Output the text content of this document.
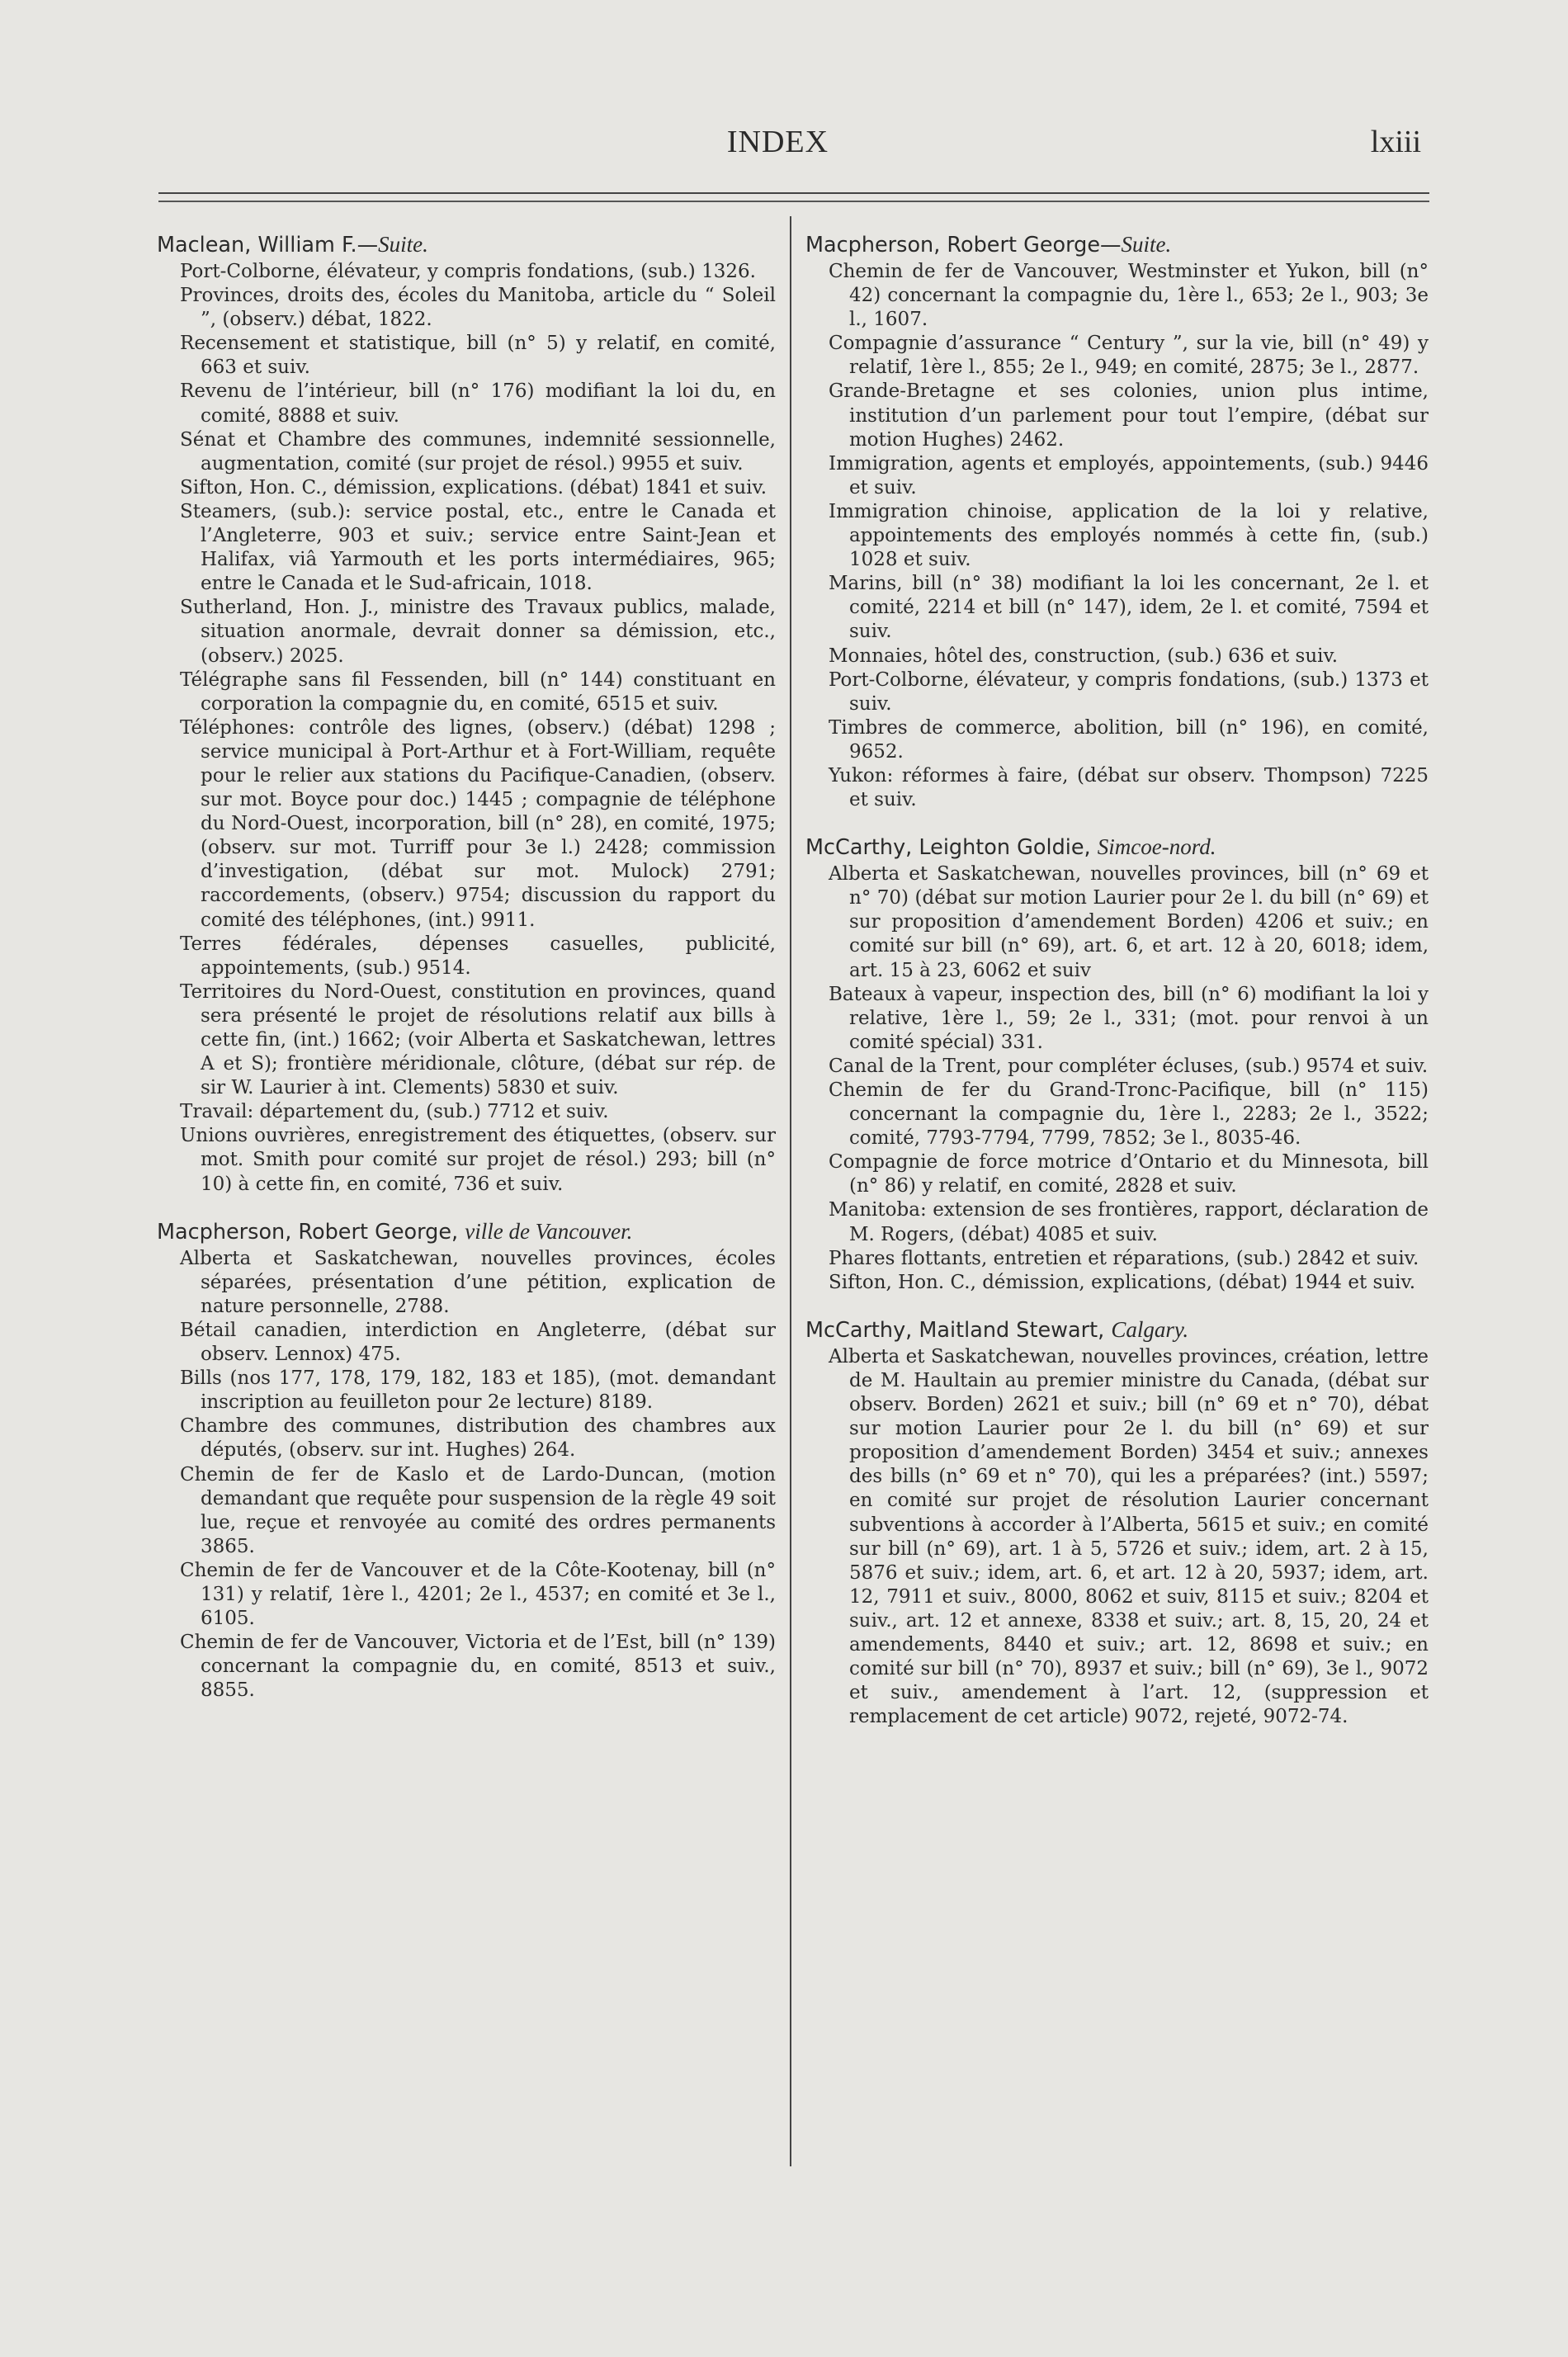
INDEX	lxiii
Maclean, William F.—Suite.
Port-Colborne, élévateur, y compris fondations, (sub.) 1326.
Provinces, droits des, écoles du Manitoba, article du “ Soleil ”, (observ.) débat, 1822.
Recensement et statistique, bill (n° 5) y relatif, en comité, 663 et suiv.
Revenu de l’intérieur, bill (n° 176) modifiant la loi du, en comité, 8888 et suiv.
Sénat et Chambre des communes, indemnité sessionnelle, augmentation, comité (sur projet de résol.) 9955 et suiv.
Sifton, Hon. C., démission, explications. (débat) 1841 et suiv.
Steamers, (sub.): service postal, etc., entre le Canada et l’Angleterre, 903 et suiv.; service entre Saint-Jean et Halifax, viâ Yarmouth et les ports intermédiaires, 965; entre le Canada et le Sud-africain, 1018.
Sutherland, Hon. J., ministre des Travaux publics, malade, situation anormale, devrait donner sa démission, etc., (observ.) 2025.
Télégraphe sans fil Fessenden, bill (n° 144) constituant en corporation la compagnie du, en comité, 6515 et suiv.
Téléphones: contrôle des lignes, (observ.) (débat) 1298 ; service municipal à Port-Arthur et à Fort-William, requête pour le relier aux stations du Pacifique-Canadien, (observ. sur mot. Boyce pour doc.) 1445 ; compagnie de téléphone du Nord-Ouest, incorporation, bill (n° 28), en comité, 1975; (observ. sur mot. Turriff pour 3e l.) 2428; commission d’investigation, (débat sur mot. Mulock) 2791; raccordements, (observ.) 9754; discussion du rapport du comité des téléphones, (int.) 9911.
Terres fédérales, dépenses casuelles, publicité, appointements, (sub.) 9514.
Territoires du Nord-Ouest, constitution en provinces, quand sera présenté le projet de résolutions relatif aux bills à cette fin, (int.) 1662; (voir Alberta et Saskatchewan, lettres A et S); frontière méridionale, clôture, (débat sur rép. de sir W. Laurier à int. Clements) 5830 et suiv.
Travail: département du, (sub.) 7712 et suiv.
Unions ouvrières, enregistrement des étiquettes, (observ. sur mot. Smith pour comité sur projet de résol.) 293; bill (n° 10) à cette fin, en comité, 736 et suiv.
Macpherson, Robert George, ville de Vancouver.
Alberta et Saskatchewan, nouvelles provinces, écoles séparées, présentation d’une pétition, explication de nature personnelle, 2788.
Bétail canadien, interdiction en Angleterre, (débat sur observ. Lennox) 475.
Bills (nos 177, 178, 179, 182, 183 et 185), (mot. demandant inscription au feuilleton pour 2e lecture) 8189.
Chambre des communes, distribution des chambres aux députés, (observ. sur int. Hughes) 264.
Chemin de fer de Kaslo et de Lardo-Duncan, (motion demandant que requête pour suspension de la règle 49 soit lue, reçue et renvoyée au comité des ordres permanents 3865.
Chemin de fer de Vancouver et de la Côte-Kootenay, bill (n° 131) y relatif, 1ère l., 4201; 2e l., 4537; en comité et 3e l., 6105.
Chemin de fer de Vancouver, Victoria et de l’Est, bill (n° 139) concernant la compagnie du, en comité, 8513 et suiv., 8855.
Macpherson, Robert George—Suite.
Chemin de fer de Vancouver, Westminster et Yukon, bill (n° 42) concernant la compagnie du, 1ère l., 653; 2e l., 903; 3e l., 1607.
Compagnie d’assurance “ Century ”, sur la vie, bill (n° 49) y relatif, 1ère l., 855; 2e l., 949; en comité, 2875; 3e l., 2877.
Grande-Bretagne et ses colonies, union plus intime, institution d’un parlement pour tout l’empire, (débat sur motion Hughes) 2462.
Immigration, agents et employés, appointements, (sub.) 9446 et suiv.
Immigration chinoise, application de la loi y relative, appointements des employés nommés à cette fin, (sub.) 1028 et suiv.
Marins, bill (n° 38) modifiant la loi les concernant, 2e l. et comité, 2214 et bill (n° 147), idem, 2e l. et comité, 7594 et suiv.
Monnaies, hôtel des, construction, (sub.) 636 et suiv.
Port-Colborne, élévateur, y compris fondations, (sub.) 1373 et suiv.
Timbres de commerce, abolition, bill (n° 196), en comité, 9652.
Yukon: réformes à faire, (débat sur observ. Thompson) 7225 et suiv.
McCarthy, Leighton Goldie, Simcoe-nord.
Alberta et Saskatchewan, nouvelles provinces, bill (n° 69 et n° 70) (débat sur motion Laurier pour 2e l. du bill (n° 69) et sur proposition d’amendement Borden) 4206 et suiv.; en comité sur bill (n° 69), art. 6, et art. 12 à 20, 6018; idem, art. 15 à 23, 6062 et suiv
Bateaux à vapeur, inspection des, bill (n° 6) modifiant la loi y relative, 1ère l., 59; 2e l., 331; (mot. pour renvoi à un comité spécial) 331.
Canal de la Trent, pour compléter écluses, (sub.) 9574 et suiv.
Chemin de fer du Grand-Tronc-Pacifique, bill (n° 115) concernant la compagnie du, 1ère l., 2283; 2e l., 3522; comité, 7793-7794, 7799, 7852; 3e l., 8035-46.
Compagnie de force motrice d’Ontario et du Minnesota, bill (n° 86) y relatif, en comité, 2828 et suiv.
Manitoba: extension de ses frontières, rapport, déclaration de M. Rogers, (débat) 4085 et suiv.
Phares flottants, entretien et réparations, (sub.) 2842 et suiv.
Sifton, Hon. C., démission, explications, (débat) 1944 et suiv.
McCarthy, Maitland Stewart, Calgary.
Alberta et Saskatchewan, nouvelles provinces, création, lettre de M. Haultain au premier ministre du Canada, (débat sur observ. Borden) 2621 et suiv.; bill (n° 69 et n° 70), débat sur motion Laurier pour 2e l. du bill (n° 69) et sur proposition d’amendement Borden) 3454 et suiv.; annexes des bills (n° 69 et n° 70), qui les a préparées? (int.) 5597; en comité sur projet de résolution Laurier concernant subventions à accorder à l’Alberta, 5615 et suiv.; en comité sur bill (n° 69), art. 1 à 5, 5726 et suiv.; idem, art. 2 à 15, 5876 et suiv.; idem, art. 6, et art. 12 à 20, 5937; idem, art. 12, 7911 et suiv., 8000, 8062 et suiv, 8115 et suiv.; 8204 et suiv., art. 12 et annexe, 8338 et suiv.; art. 8, 15, 20, 24 et amendements, 8440 et suiv.; art. 12, 8698 et suiv.; en comité sur bill (n° 70), 8937 et suiv.; bill (n° 69), 3e l., 9072 et suiv., amendement à l’art. 12, (suppression et remplacement de cet article) 9072, rejeté, 9072-74.
